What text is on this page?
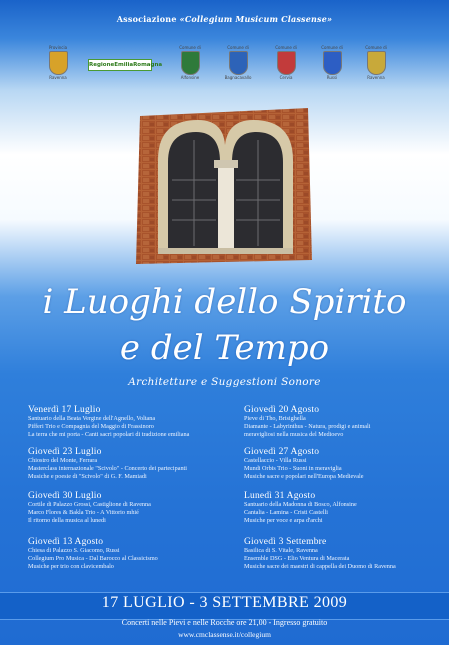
Associazione «Collegium Musicum Classense»
Provincia
Ravenna
RegioneEmiliaRomagna
Comune di
Alfonsine
Comune di
Bagnacavallo
Comune di
Cervia
Comune di
Russi
Comune di
Ravenna
i Luoghi dello Spirito
e del Tempo
Architetture e Suggestioni Sonore
Venerdì 17 Luglio
Santuario della Beata Vergine dell'Agnello, Voltana
Pifferi Trio e Compagnia del Maggio di Frassinoro
La terra che mi porta - Canti sacri popolari di tradizione emiliana
Giovedì 23 Luglio
Chiostro del Monte, Ferrara
Masterclass internazionale "Scivolo" - Concerto dei partecipanti
Musiche e poesie di "Scivolo" di G. F. Mamiadi
Giovedì 30 Luglio
Cortile di Palazzo Grossi, Castiglione di Ravenna
Marco Flores & Bakla Trio - A Vittorio mhié
Il ritorno della musica al lunedi
Giovedì 13 Agosto
Chiesa di Palazzo S. Giacomo, Russi
Collegium Pro Musica - Dal Barocco al Classicismo
Musiche per trio con clavicembalo
Giovedì 20 Agosto
Pieve di Tho, Brisighella
Diamante - Labyrinthus - Natura, prodigi e animali
meravigliosi nella musica del Medioevo
Giovedì 27 Agosto
Castellaccio - Villa Russi
Mundi Orbis Trio - Suoni in meraviglia
Musiche sacre e popolari nell'Europa Medievale
Lunedì 31 Agosto
Santuario della Madonna di Bosco, Alfonsine
Cantalia - Lamina - Cristi Castelli
Musiche per voce e arpa d'archi
Giovedì 3 Settembre
Basilica di S. Vitale, Ravenna
Ensemble DSG - Elio Ventura di Macerata
Musiche sacre dei maestri di cappella dei Duomo di Ravenna
17 LUGLIO - 3 SETTEMBRE 2009
Concerti nelle Pievi e nelle Rocche ore 21,00 - Ingresso gratuito
www.cmclassense.it/collegium
